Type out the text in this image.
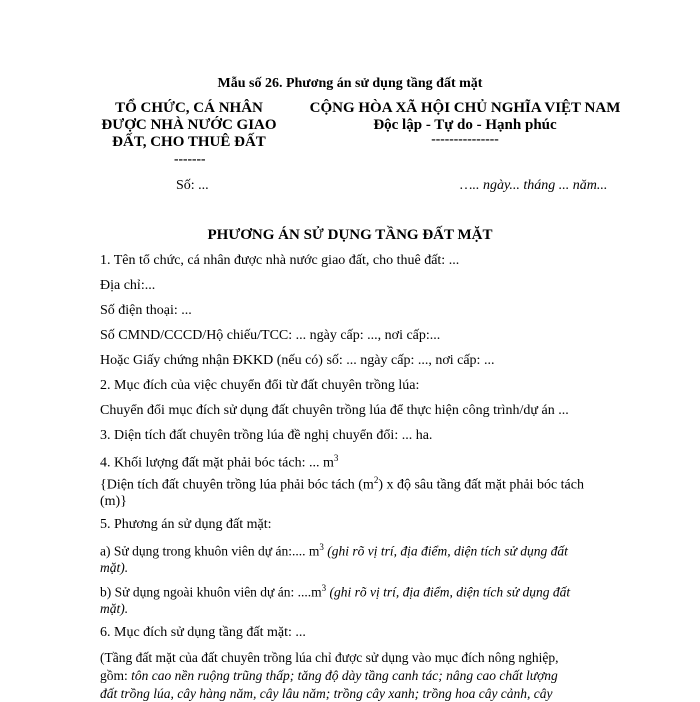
Mẫu số 26. Phương án sử dụng tầng đất mặt
TỔ CHỨC, CÁ NHÂN
ĐƯỢC NHÀ NƯỚC GIAO
ĐẤT, CHO THUÊ ĐẤT
-------
Số: ...
CỘNG HÒA XÃ HỘI CHỦ NGHĨA VIỆT NAM
Độc lập - Tự do - Hạnh phúc
---------------
….. ngày... tháng ... năm...
PHƯƠNG ÁN SỬ DỤNG TẦNG ĐẤT MẶT
1. Tên tổ chức, cá nhân được nhà nước giao đất, cho thuê đất: ...
Địa chỉ:...
Số điện thoại: ...
Số CMND/CCCD/Hộ chiếu/TCC: ... ngày cấp: ..., nơi cấp:...
Hoặc Giấy chứng nhận ĐKKD (nếu có) số: ... ngày cấp: ..., nơi cấp: ...
2. Mục đích của việc chuyển đổi từ đất chuyên trồng lúa:
Chuyển đổi mục đích sử dụng đất chuyên trồng lúa để thực hiện công trình/dự án ...
3. Diện tích đất chuyên trồng lúa đề nghị chuyển đổi: ... ha.
4. Khối lượng đất mặt phải bóc tách: ... $m^3$
{Diện tích đất chuyên trồng lúa phải bóc tách $(m^2)$ x độ sâu tầng đất mặt phải bóc tách
(m)}
5. Phương án sử dụng đất mặt:
a) Sử dụng trong khuôn viên dự án:.... $m^3$ (ghi rõ vị trí, địa điểm, diện tích sử dụng đất
mặt).
b) Sử dụng ngoài khuôn viên dự án: $....m^3$ (ghi rõ vị trí, địa điểm, diện tích sử dụng đất
mặt).
6. Mục đích sử dụng tầng đất mặt: ...
(Tầng đất mặt của đất chuyên trồng lúa chỉ được sử dụng vào mục đích nông nghiệp,
gồm: tôn cao nền ruộng trũng thấp; tăng độ dày tầng canh tác; nâng cao chất lượng
đất trồng lúa, cây hàng năm, cây lâu năm; trồng cây xanh; trồng hoa cây cảnh, cây
